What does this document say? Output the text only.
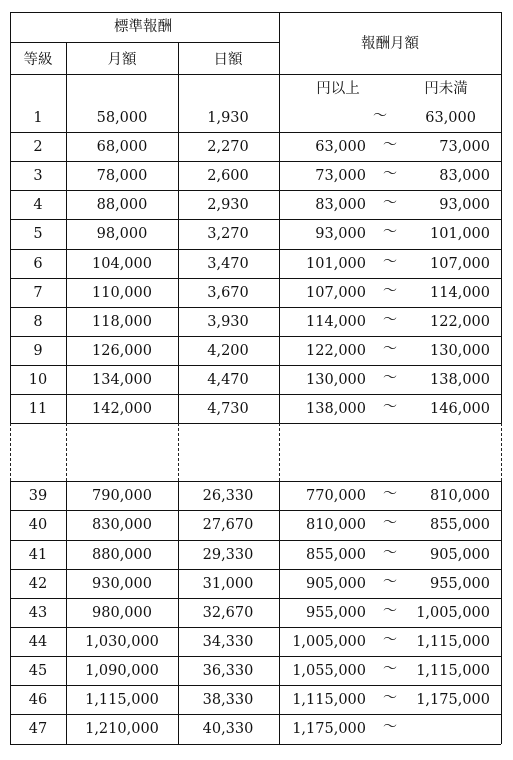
標準報酬
等級	月額	日額
報酬月額
円以上	円未満
1	58,000	1,930	〜	63,000
2	68,000	2,270	63,000 〜	73,000
3	78,000	2,600	73,000 〜	83,000
4	88,000	2,930	83,000 〜	93,000
5	98,000	3,270	93,000 〜	101,000
6	104,000	3,470	101,000 〜	107,000
7	110,000	3,670	107,000 〜	114,000
8	118,000	3,930	114,000 〜	122,000
9	126,000	4,200	122,000 〜	130,000
10	134,000	4,470	130,000 〜	138,000
11	142,000	4,730	138,000 〜	146,000
39	790,000	26,330	770,000 〜	810,000
40	830,000	27,670	810,000 〜	855,000
41	880,000	29,330	855,000 〜	905,000
42	930,000	31,000	905,000 〜	955,000
43	980,000	32,670	955,000 〜	1,005,000
44	1,030,000	34,330	1,005,000 〜	1,115,000
45	1,090,000	36,330	1,055,000 〜	1,115,000
46	1,115,000	38,330	1,115,000 〜	1,175,000
47	1,210,000	40,330	1,175,000 〜
